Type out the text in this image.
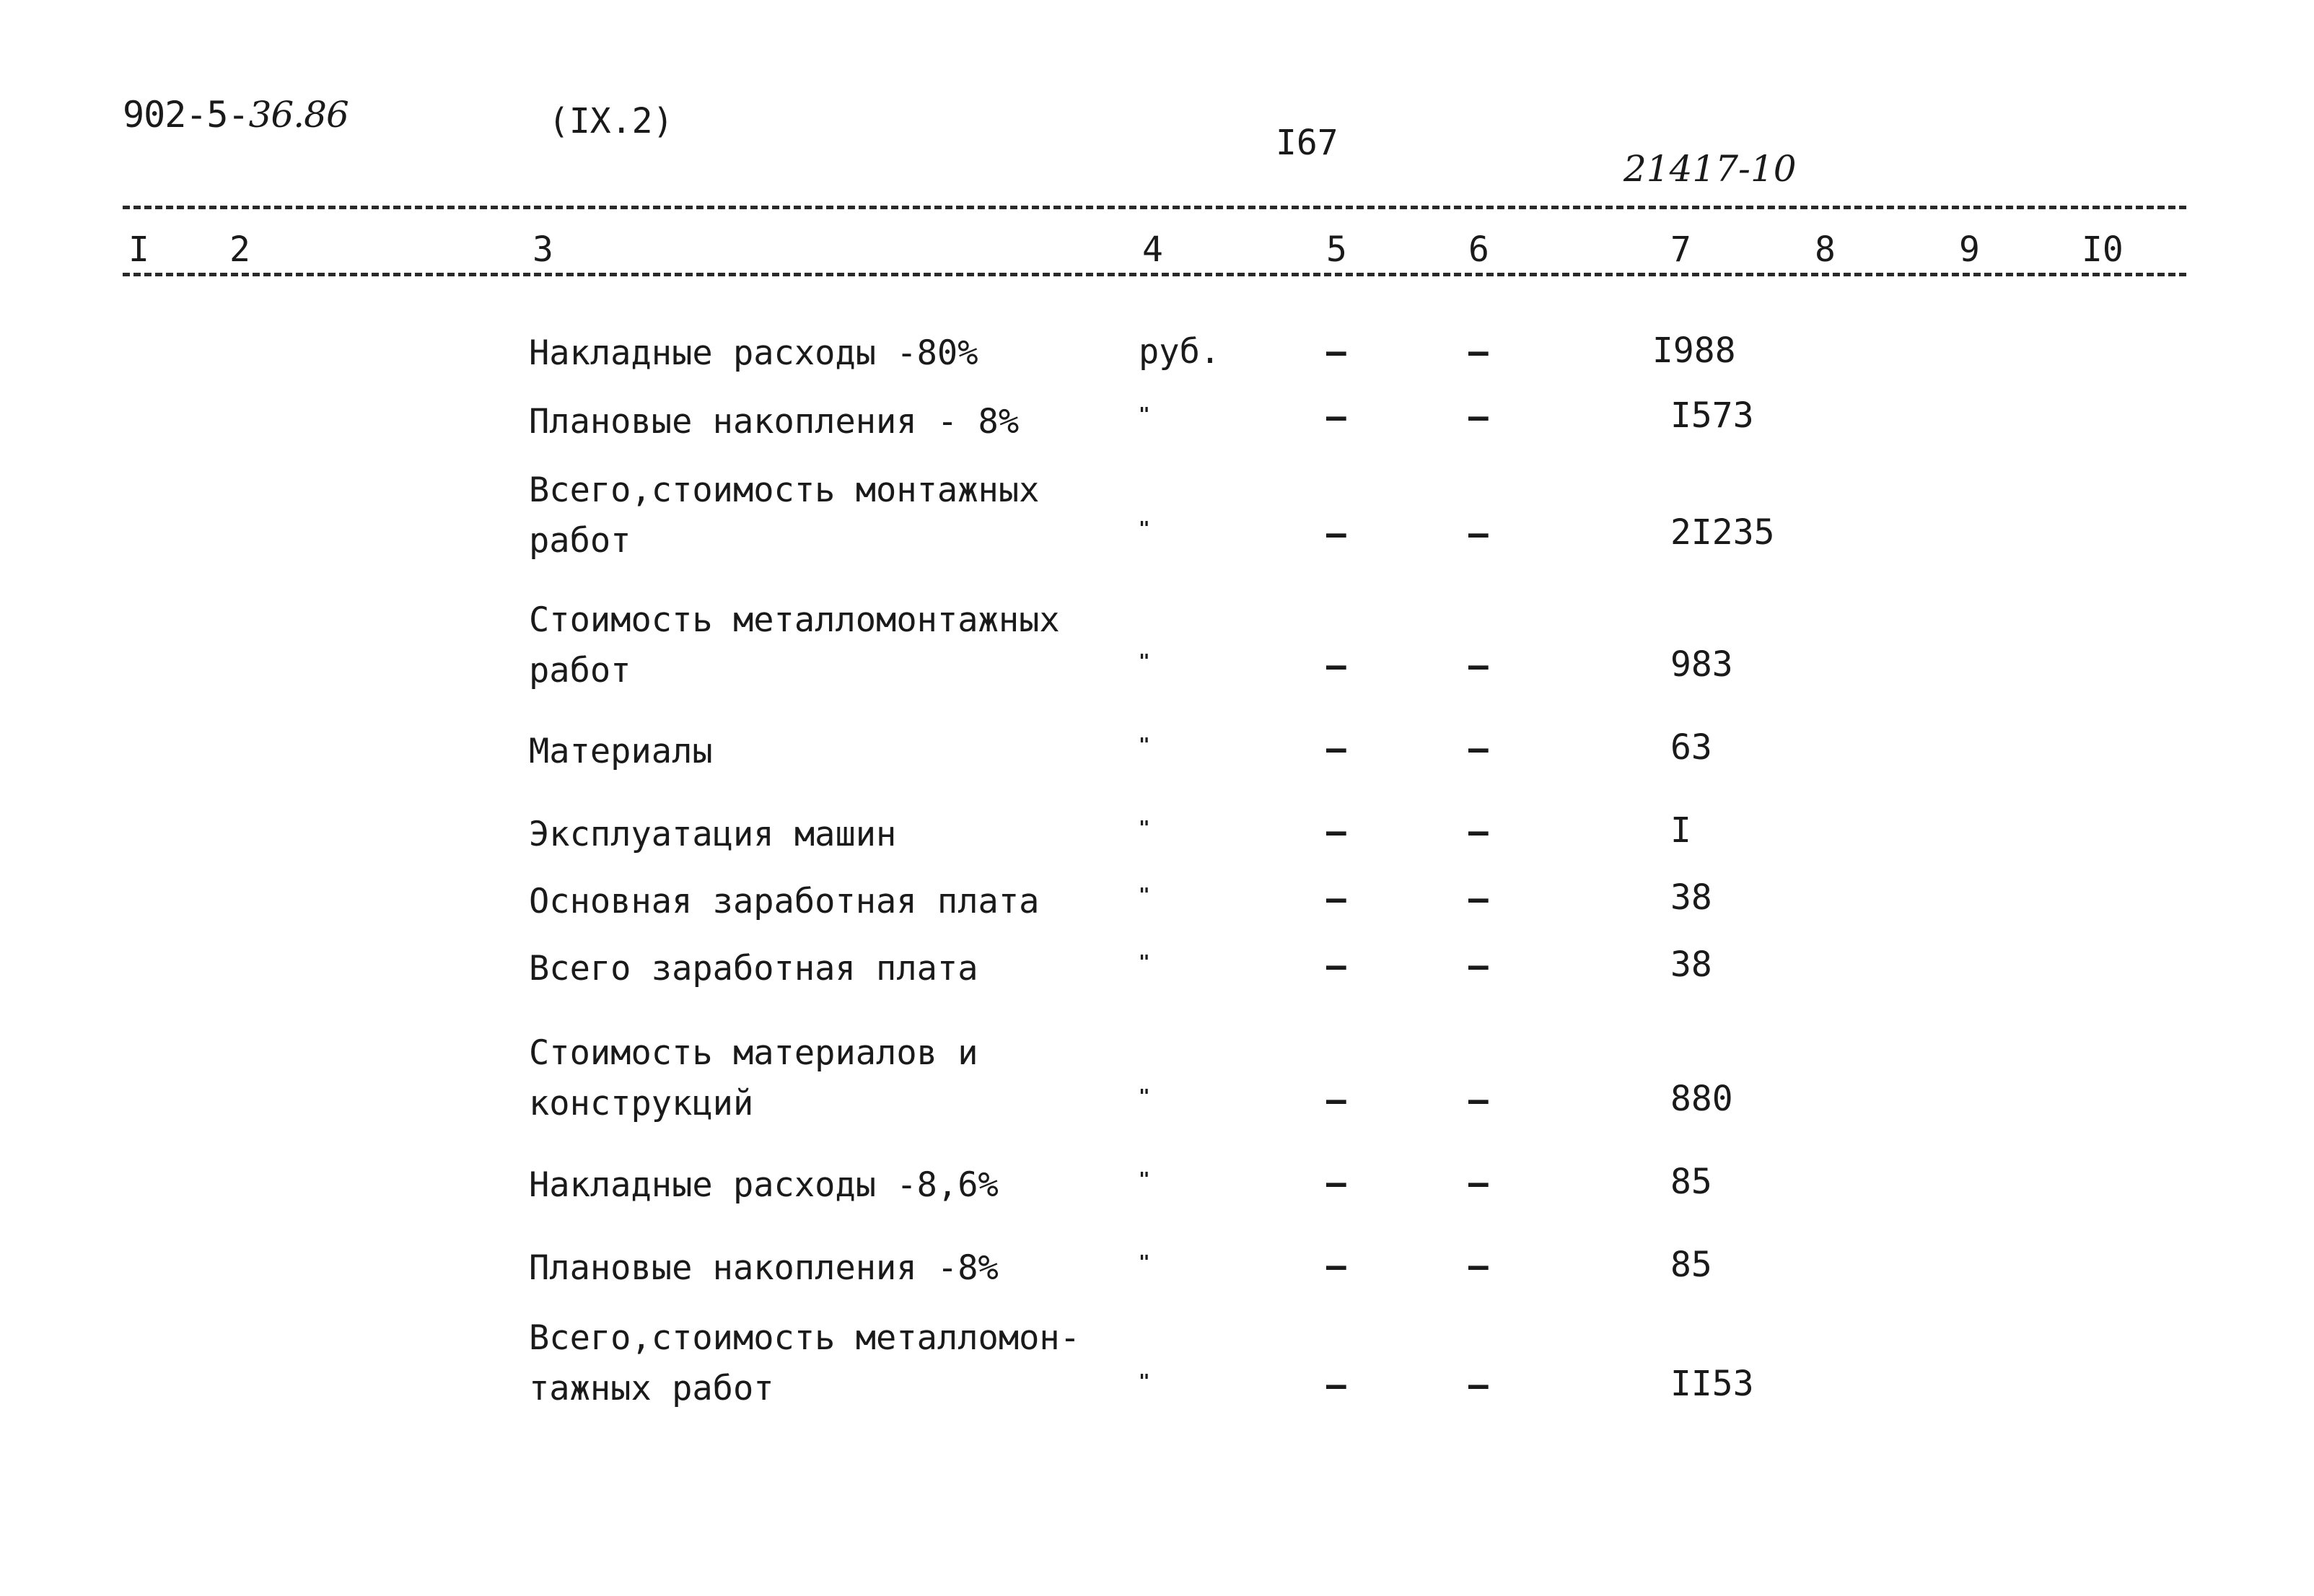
902-5-36.86	(IX.2)
I67
21417-10
I 2	3	4	5	6	7	8	9	I0
Накладные расходы -80%	руб.	–	–	I988
Плановые накопления - 8%	"	–	–	I573
Всего,стоимость монтажных
работ	"	–	–	2I235
Стоимость металломонтажных
работ	"	–	–	983
Материалы	"	–	–	63
Эксплуатация машин	"	–	–	I
Основная заработная плата	"	–	–	38
Всего заработная плата	"	–	–	38
Стоимость материалов и
конструкций	"	–	–	880
Накладные расходы -8,6%	"	–	–	85
Плановые накопления -8%	"	–	–	85
Всего,стоимость металломон-
тажных работ	"	–	–	II53
